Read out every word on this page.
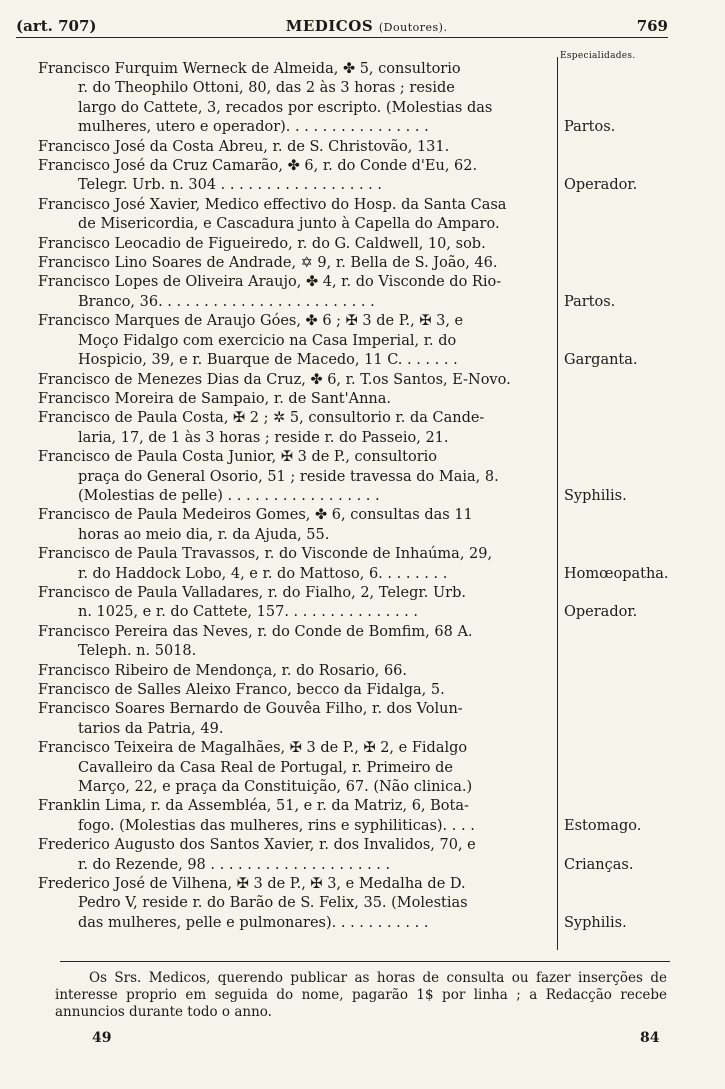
(art. 707)	MEDICOS (Doutores).	769
Especialidades.
Francisco Furquim Werneck de Almeida, ✤ 5, consultorio
r. do Theophilo Ottoni, 80, das 2 às 3 horas ; reside
largo do Cattete, 3, recados por escripto. (Molestias das
mulheres, utero e operador). . . . . . . . . . . . . . . .	Partos.
Francisco José da Costa Abreu, r. de S. Christovão, 131.
Francisco José da Cruz Camarão, ✤ 6, r. do Conde d'Eu, 62.
Telegr. Urb. n. 304 . . . . . . . . . . . . . . . . . .	Operador.
Francisco José Xavier, Medico effectivo do Hosp. da Santa Casa
de Misericordia, e Cascadura junto à Capella do Amparo.
Francisco Leocadio de Figueiredo, r. do G. Caldwell, 10, sob.
Francisco Lino Soares de Andrade, ✡ 9, r. Bella de S. João, 46.
Francisco Lopes de Oliveira Araujo, ✤ 4, r. do Visconde do Rio-
Branco, 36. . . . . . . . . . . . . . . . . . . . . . . .	Partos.
Francisco Marques de Araujo Góes, ✤ 6 ; ✠ 3 de P., ✠ 3, e
Moço Fidalgo com exercicio na Casa Imperial, r. do
Hospicio, 39, e r. Buarque de Macedo, 11 C. . . . . . .	Garganta.
Francisco de Menezes Dias da Cruz, ✤ 6, r. T.os Santos, E-Novo.
Francisco Moreira de Sampaio, r. de Sant'Anna.
Francisco de Paula Costa, ✠ 2 ; ✲ 5, consultorio r. da Cande-
laria, 17, de 1 às 3 horas ; reside r. do Passeio, 21.
Francisco de Paula Costa Junior, ✠ 3 de P., consultorio
praça do General Osorio, 51 ; reside travessa do Maia, 8.
(Molestias de pelle) . . . . . . . . . . . . . . . . .	Syphilis.
Francisco de Paula Medeiros Gomes, ✤ 6, consultas das 11
horas ao meio dia, r. da Ajuda, 55.
Francisco de Paula Travassos, r. do Visconde de Inhaúma, 29,
r. do Haddock Lobo, 4, e r. do Mattoso, 6. . . . . . . .	Homœopatha.
Francisco de Paula Valladares, r. do Fialho, 2, Telegr. Urb.
n. 1025, e r. do Cattete, 157. . . . . . . . . . . . . . .	Operador.
Francisco Pereira das Neves, r. do Conde de Bomfim, 68 A.
Teleph. n. 5018.
Francisco Ribeiro de Mendonça, r. do Rosario, 66.
Francisco de Salles Aleixo Franco, becco da Fidalga, 5.
Francisco Soares Bernardo de Gouvêa Filho, r. dos Volun-
tarios da Patria, 49.
Francisco Teixeira de Magalhães, ✠ 3 de P., ✠ 2, e Fidalgo
Cavalleiro da Casa Real de Portugal, r. Primeiro de
Março, 22, e praça da Constituição, 67. (Não clinica.)
Franklin Lima, r. da Assembléa, 51, e r. da Matriz, 6, Bota-
fogo. (Molestias das mulheres, rins e syphiliticas). . . .	Estomago.
Frederico Augusto dos Santos Xavier, r. dos Invalidos, 70, e
r. do Rezende, 98 . . . . . . . . . . . . . . . . . . . .	Crianças.
Frederico José de Vilhena, ✠ 3 de P., ✠ 3, e Medalha de D.
Pedro V, reside r. do Barão de S. Felix, 35. (Molestias
das mulheres, pelle e pulmonares). . . . . . . . . . .	Syphilis.
Os Srs. Medicos, querendo publicar as horas de consulta ou fazer inserções de interesse proprio em seguida do nome, pagarão 1$ por linha ; a Redacção recebe annuncios durante todo o anno.
49	84
